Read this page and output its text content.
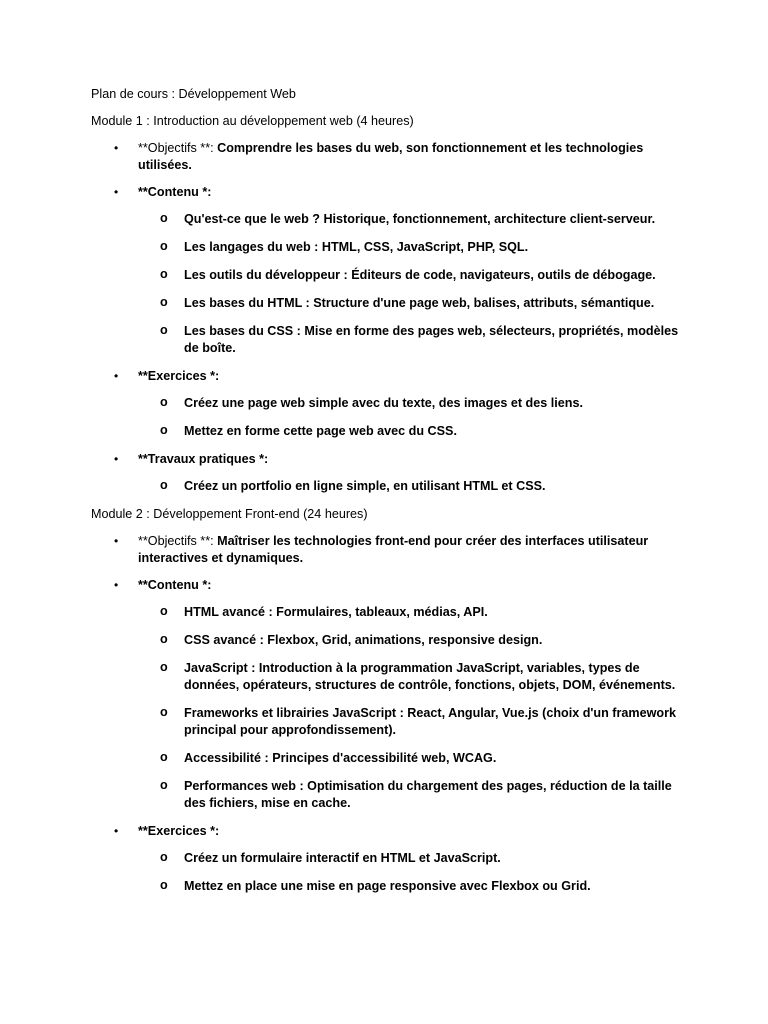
Plan de cours : Développement Web

Module 1 : Introduction au développement web (4 heures)

• **Objectifs **: Comprendre les bases du web, son fonctionnement et les technologies utilisées.
• **Contenu *:
o Qu'est-ce que le web ? Historique, fonctionnement, architecture client-serveur.
o Les langages du web : HTML, CSS, JavaScript, PHP, SQL.
o Les outils du développeur : Éditeurs de code, navigateurs, outils de débogage.
o Les bases du HTML : Structure d'une page web, balises, attributs, sémantique.
o Les bases du CSS : Mise en forme des pages web, sélecteurs, propriétés, modèles de boîte.
• **Exercices *:
o Créez une page web simple avec du texte, des images et des liens.
o Mettez en forme cette page web avec du CSS.
• **Travaux pratiques *:
o Créez un portfolio en ligne simple, en utilisant HTML et CSS.

Module 2 : Développement Front-end (24 heures)

• **Objectifs **: Maîtriser les technologies front-end pour créer des interfaces utilisateur interactives et dynamiques.
• **Contenu *:
o HTML avancé : Formulaires, tableaux, médias, API.
o CSS avancé : Flexbox, Grid, animations, responsive design.
o JavaScript : Introduction à la programmation JavaScript, variables, types de données, opérateurs, structures de contrôle, fonctions, objets, DOM, événements.
o Frameworks et librairies JavaScript : React, Angular, Vue.js (choix d'un framework principal pour approfondissement).
o Accessibilité : Principes d'accessibilité web, WCAG.
o Performances web : Optimisation du chargement des pages, réduction de la taille des fichiers, mise en cache.
• **Exercices *:
o Créez un formulaire interactif en HTML et JavaScript.
o Mettez en place une mise en page responsive avec Flexbox ou Grid.
